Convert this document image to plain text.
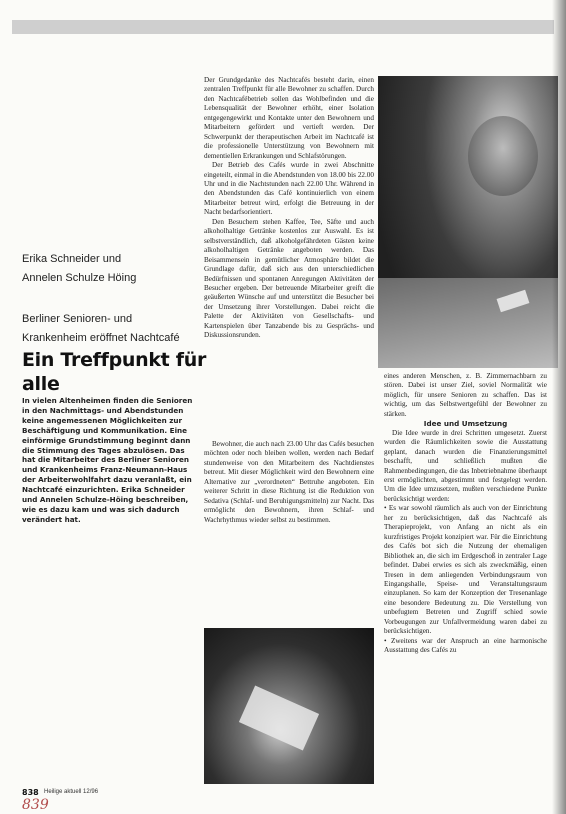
Erika Schneider und
Annelen Schulze Höing
Berliner Senioren- und
Krankenheim eröffnet Nachtcafé
Ein Treffpunkt für alle
In vielen Altenheimen finden die Senioren in den Nachmittags- und Abendstunden keine angemessenen Möglichkeiten zur Beschäftigung und Kommunikation. Eine einförmige Grundstimmung beginnt dann die Stimmung des Tages abzulösen. Das hat die Mitarbeiter des Berliner Senioren und Krankenheims Franz-Neumann-Haus der Arbeiterwohlfahrt dazu veranlaßt, ein Nachtcafé einzurichten. Erika Schneider und Annelen Schulze-Höing beschreiben, wie es dazu kam und was sich dadurch verändert hat.

Der Grundgedanke des Nachtcafés besteht darin, einen zentralen Treffpunkt für alle Bewohner zu schaffen. Durch den Nachtcafébetrieb sollen das Wohlbefinden und die Lebensqualität der Bewohner erhöht, einer Isolation entgegengewirkt und Kontakte unter den Bewohnern und Mitarbeitern gefördert und vertieft werden. Der Schwerpunkt der therapeutischen Arbeit im Nachtcafé ist die professionelle Unterstützung von Bewohnern mit dementiellen Erkrankungen und Schlafstörungen.

Der Betrieb des Cafés wurde in zwei Abschnitte eingeteilt, einmal in die Abendstunden von 18.00 bis 22.00 Uhr und in die Nachtstunden nach 22.00 Uhr. Während in den Abendstunden das Café kontinuierlich von einem Mitarbeiter betreut wird, erfolgt die Betreuung in der Nacht bedarfsorientiert.

Den Besuchern stehen Kaffee, Tee, Säfte und auch alkoholhaltige Getränke kostenlos zur Auswahl. Es ist selbstverständlich, daß alkoholgefährdeten Gästen keine alkoholhaltigen Getränke angeboten werden. Das Beisammensein in gemütlicher Atmosphäre bildet die Grundlage dafür, daß sich aus den unterschiedlichen Bedürfnissen und spontanen Anregungen Aktivitäten der Besucher ergeben. Der betreuende Mitarbeiter greift die geäußerten Wünsche auf und unterstützt die Besucher bei der Umsetzung ihrer Vorstellungen. Dabei reicht die Palette der Aktivitäten von Gesellschafts- und Kartenspielen über Tanzabende bis zu Gesprächs- und Diskussionsrunden.

Bewohner, die auch nach 23.00 Uhr das Cafés besuchen möchten oder noch bleiben wollen, werden nach Bedarf stundenweise von den Mitarbeitern des Nachtdienstes betreut. Mit dieser Möglichkeit wird den Bewohnern eine Alternative zur „verordneten“ Bettruhe angeboten. Ein weiterer Schritt in diese Richtung ist die Reduktion von Sedativa (Schlaf- und Beruhigungsmitteln) zur Nacht. Das ermöglicht den Bewohnern, ihren Schlaf- und Wachrhythmus wieder selbst zu bestimmen.

eines anderen Menschen, z. B. Zimmernachbarn zu stören. Dabei ist unser Ziel, soviel Normalität wie möglich, für unsere Senioren zu schaffen. Das ist wichtig, um das Selbstwertgefühl der Bewohner zu stärken.

Idee und Umsetzung

Die Idee wurde in drei Schritten umgesetzt. Zuerst wurden die Räumlichkeiten sowie die Ausstattung geplant, danach wurden die Finanzierungsmittel beschafft, und schließlich mußten die Rahmenbedingungen, die das Inbetriebnahme überhaupt erst ermöglichten, abgestimmt und festgelegt werden. Um die Idee umzusetzen, mußten verschiedene Punkte berücksichtigt werden:

• Es war sowohl räumlich als auch von der Einrichtung her zu berücksichtigen, daß das Nachtcafé als Therapieprojekt, von Anfang an nicht als ein kurzfristiges Projekt konzipiert war. Für die Einrichtung des Cafés bot sich die Nutzung der ehemaligen Bibliothek an, die sich im Erdgeschoß in zentraler Lage befindet. Dabei erwies es sich als zweckmäßig, einen Tresen in dem anliegenden Verbindungsraum von Eingangshalle, Speise- und Veranstaltungsraum einzuplanen. So kam der Konzeption der Tresenanlage eine besondere Bedeutung zu. Die Verstellung von unbefugtem Betreten und Zugriff schied sowie Vorbeugungen zur Unfallvermeidung waren dabei zu berücksichtigen.

• Zweitens war der Anspruch an eine harmonische Ausstattung des Cafés zu

838 Heilige aktuell 12/96
839
